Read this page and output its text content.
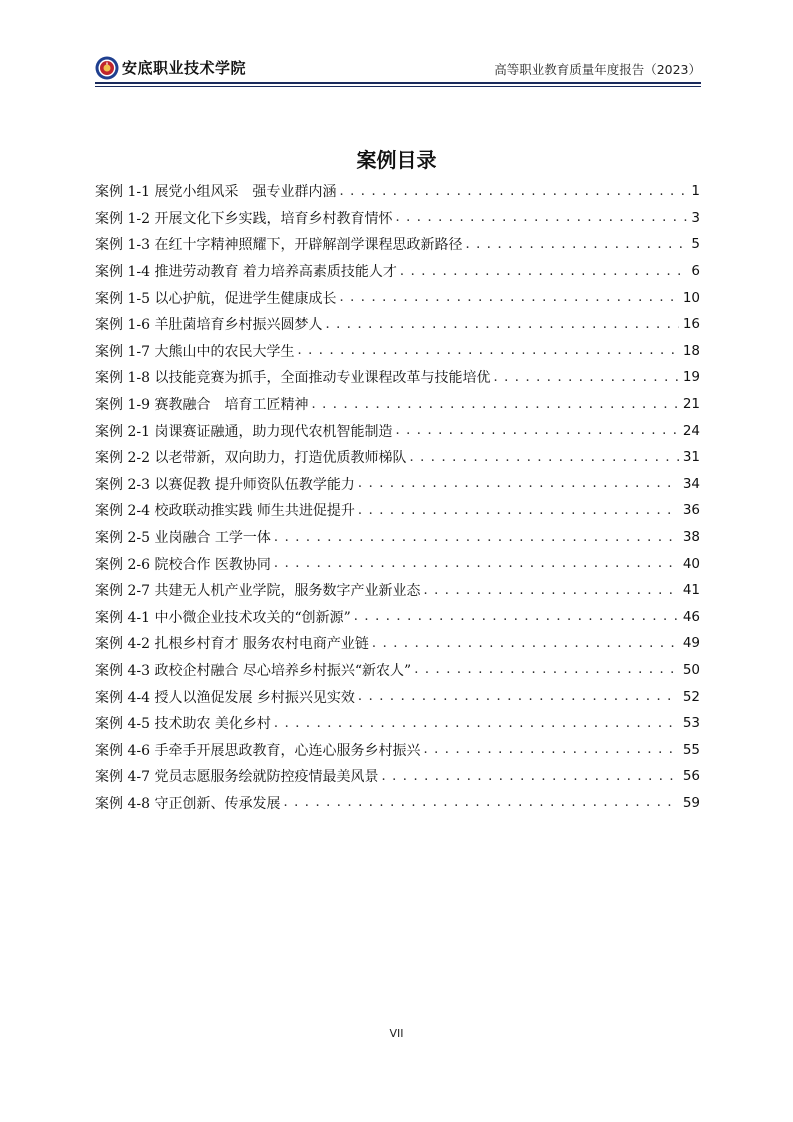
安底职业技术学院	高等职业教育质量年度报告（2023）
案例目录
案例 1-1 展党小组风采　强专业群内涵 . . .	1
案例 1-2 开展文化下乡实践，培育乡村教育情怀 . . .	3
案例 1-3 在红十字精神照耀下，开辟解剖学课程思政新路径 . . .	5
案例 1-4 推进劳动教育 着力培养高素质技能人才 . . .	6
案例 1-5 以心护航，促进学生健康成长 . . .	10
案例 1-6 羊肚菌培育乡村振兴圆梦人 . . .	16
案例 1-7 大熊山中的农民大学生 . . .	18
案例 1-8 以技能竞赛为抓手，全面推动专业课程改革与技能培优 . . .	19
案例 1-9 赛教融合　培育工匠精神 . . .	21
案例 2-1 岗课赛证融通，助力现代农机智能制造 . . .	24
案例 2-2 以老带新，双向助力，打造优质教师梯队 . . .	31
案例 2-3 以赛促教 提升师资队伍教学能力 . . .	34
案例 2-4 校政联动推实践 师生共进促提升 . . .	36
案例 2-5 业岗融合 工学一体 . . .	38
案例 2-6 院校合作 医教协同 . . .	40
案例 2-7 共建无人机产业学院，服务数字产业新业态 . . .	41
案例 4-1 中小微企业技术攻关的“创新源” . . .	46
案例 4-2 扎根乡村育才 服务农村电商产业链 . . .	49
案例 4-3 政校企村融合 尽心培养乡村振兴“新农人” . . .	50
案例 4-4 授人以渔促发展 乡村振兴见实效 . . .	52
案例 4-5 技术助农 美化乡村 . . .	53
案例 4-6 手牵手开展思政教育，心连心服务乡村振兴 . . .	55
案例 4-7 党员志愿服务绘就防控疫情最美风景 . . .	56
案例 4-8 守正创新、传承发展 . . .	59
VII
